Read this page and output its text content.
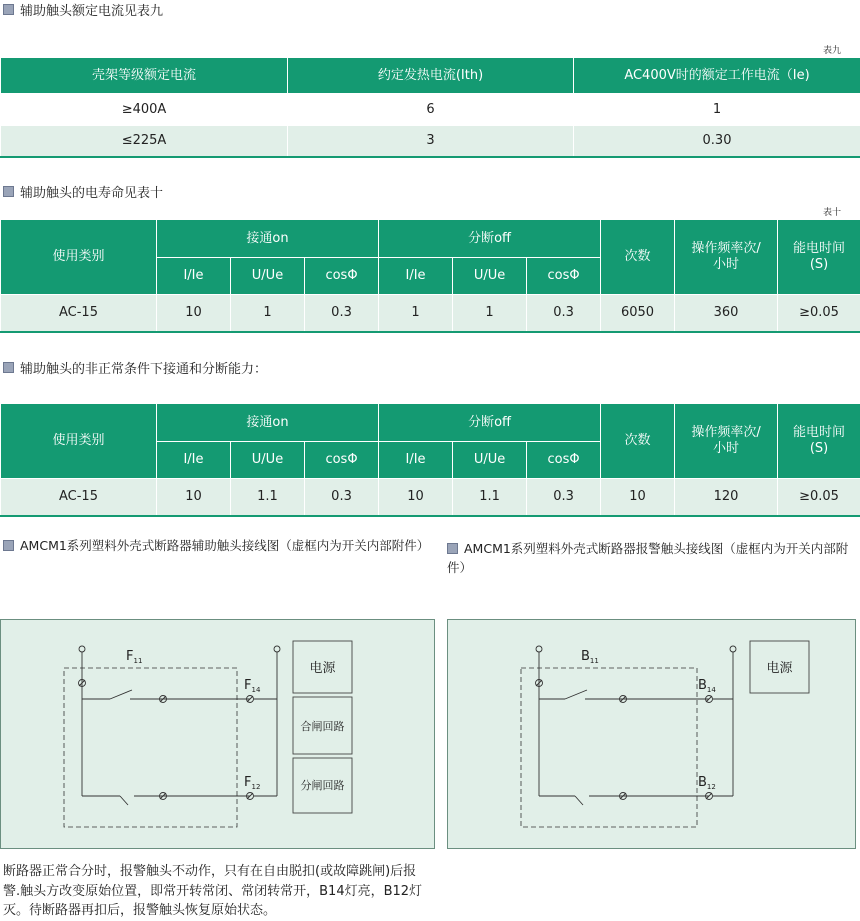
辅助触头额定电流见表九
表九
壳架等级额定电流	约定发热电流(Ith)	AC400V时的额定工作电流（Ie)
≥400A	6	1
≤225A	3	0.30
辅助触头的电寿命见表十
表十
使用类别	接通on			分断off			次数	操作频率次/小时	能电时间(S)
	I/Ie	U/Ue	cosΦ	I/Ie	U/Ue	cosΦ			
AC-15	10	1	0.3	1	1	0.3	6050	360	≥0.05
辅助触头的非正常条件下接通和分断能力：
使用类别	接通on			分断off			次数	操作频率次/小时	能电时间(S)
	I/Ie	U/Ue	cosΦ	I/Ie	U/Ue	cosΦ			
AC-15	10	1.1	0.3	10	1.1	0.3	10	120	≥0.05
AMCM1系列塑料外壳式断路器辅助触头接线图（虚框内为开关内部附件）	AMCM1系列塑料外壳式断路器报警触头接线图（虚框内为开关内部附件）
$F_{11}$
$F_{14}$
$F_{12}$
电源
合闸回路
分闸回路
$B_{11}$
$B_{14}$
$B_{12}$
电源
断路器正常合分时，报警触头不动作，只有在自由脱扣(或故障跳闸)后报警.触头方改变原始位置，即常开转常闭、常闭转常开，B14灯亮，B12灯灭。待断路器再扣后，报警触头恢复原始状态。
